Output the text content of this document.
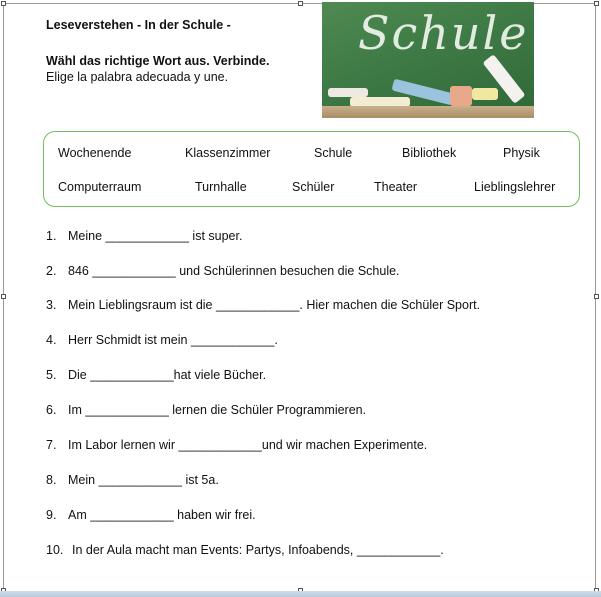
Leseverstehen - In der Schule -
Wähl das richtige Wort aus. Verbinde.
Elige la palabra adecuada y une.
Schule
Wochenende	Klassenzimmer	Schule	Bibliothek	Physik
Computerraum	Turnhalle	Schüler	Theater	Lieblingslehrer
1. Meine ____________ ist super.
2. 846 ____________ und Schülerinnen besuchen die Schule.
3. Mein Lieblingsraum ist die ____________. Hier machen die Schüler Sport.
4. Herr Schmidt ist mein ____________.
5. Die ____________hat viele Bücher.
6. Im ____________ lernen die Schüler Programmieren.
7. Im Labor lernen wir ____________und wir machen Experimente.
8. Mein ____________ ist 5a.
9. Am ____________ haben wir frei.
10. In der Aula macht man Events: Partys, Infoabends, ____________.
